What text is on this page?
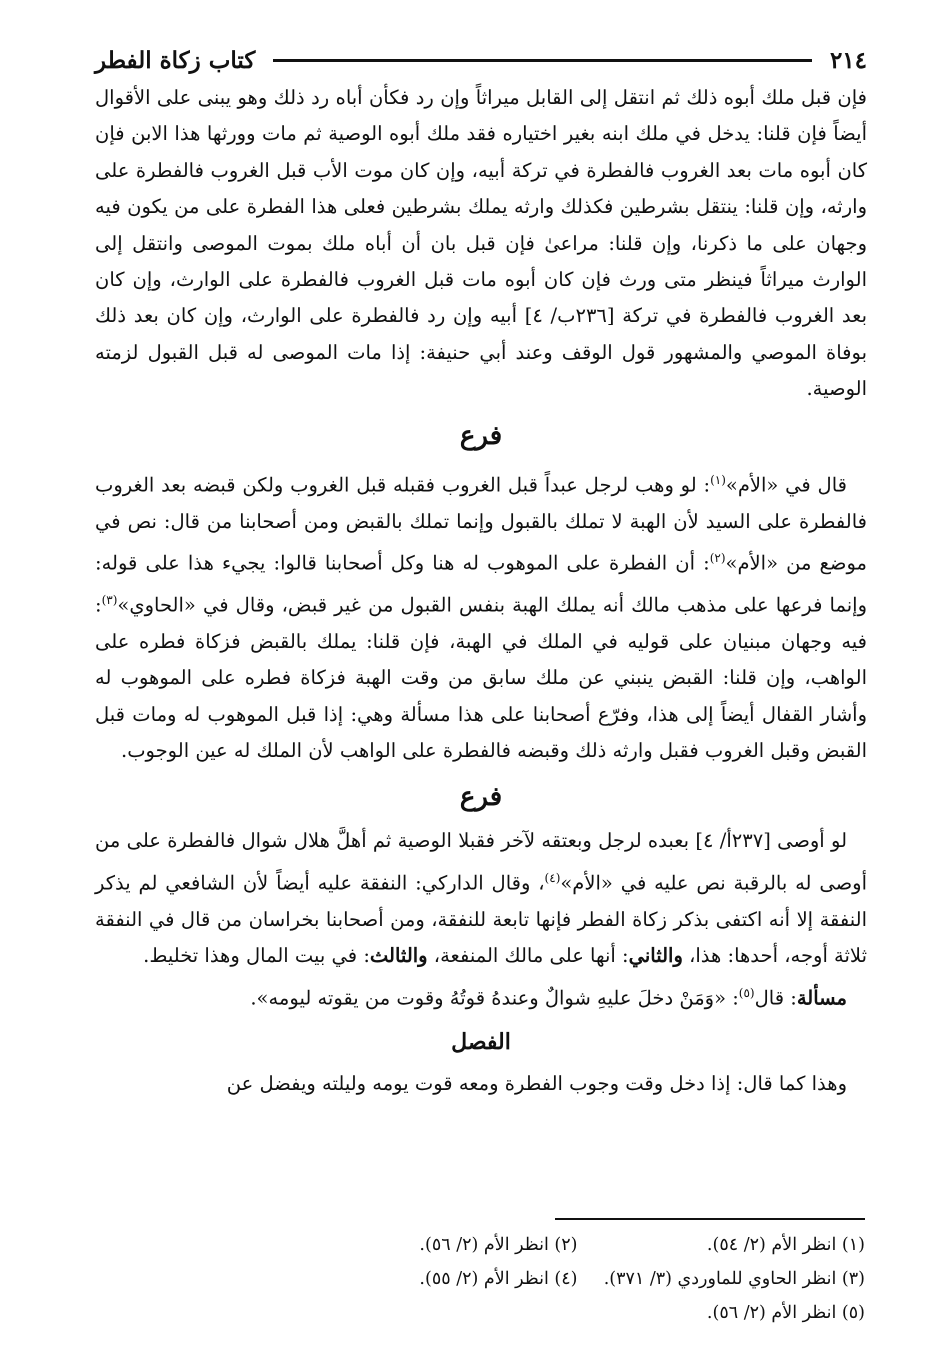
٢١٤
كتاب زكاة الفطر

فإن قبل ملك أبوه ذلك ثم انتقل إلى القابل ميراثاً وإن رد فكأن أباه رد ذلك وهو يبنى على الأقوال أيضاً فإن قلنا: يدخل في ملك ابنه بغير اختياره فقد ملك أبوه الوصية ثم مات وورثها هذا الابن فإن كان أبوه مات بعد الغروب فالفطرة في تركة أبيه، وإن كان موت الأب قبل الغروب فالفطرة على وارثه، وإن قلنا: ينتقل بشرطين فكذلك وارثه يملك بشرطين فعلى هذا الفطرة على من يكون فيه وجهان على ما ذكرنا، وإن قلنا: مراعىٰ فإن قبل بان أن أباه ملك بموت الموصى وانتقل إلى الوارث ميراثاً فينظر متى ورث فإن كان أبوه مات قبل الغروب فالفطرة على الوارث، وإن كان بعد الغروب فالفطرة في تركة [٢٣٦ب/ ٤] أبيه وإن رد فالفطرة على الوارث، وإن كان بعد ذلك بوفاة الموصي والمشهور قول الوقف وعند أبي حنيفة: إذا مات الموصى له قبل القبول لزمته الوصية.

فرع

قال في «الأم»$^{(١)}$: لو وهب لرجل عبداً قبل الغروب فقبله قبل الغروب ولكن قبضه بعد الغروب فالفطرة على السيد لأن الهبة لا تملك بالقبول وإنما تملك بالقبض ومن أصحابنا من قال: نص في موضع من «الأم»$^{(٢)}$: أن الفطرة على الموهوب له هنا وكل أصحابنا قالوا: يجيء هذا على قوله: وإنما فرعها على مذهب مالك أنه يملك الهبة بنفس القبول من غير قبض، وقال في «الحاوي»$^{(٣)}$: فيه وجهان مبنيان على قوليه في الملك في الهبة، فإن قلنا: يملك بالقبض فزكاة فطره على الواهب، وإن قلنا: القبض ينبني عن ملك سابق من وقت الهبة فزكاة فطره على الموهوب له وأشار القفال أيضاً إلى هذا، وفرّع أصحابنا على هذا مسألة وهي: إذا قبل الموهوب له ومات قبل القبض وقبل الغروب فقبل وارثه ذلك وقبضه فالفطرة على الواهب لأن الملك له عين الوجوب.

فرع

لو أوصى [٢٣٧أ/ ٤] بعبده لرجل وبعتقه لآخر فقبلا الوصية ثم أهلَّ هلال شوال فالفطرة على من أوصى له بالرقبة نص عليه في «الأم»$^{(٤)}$، وقال الداركي: النفقة عليه أيضاً لأن الشافعي لم يذكر النفقة إلا أنه اكتفى بذكر زكاة الفطر فإنها تابعة للنفقة، ومن أصحابنا بخراسان من قال في النفقة ثلاثة أوجه، أحدها: هذا، والثاني: أنها على مالك المنفعة، والثالث: في بيت المال وهذا تخليط.

مسألة: قال$^{(٥)}$: «وَمَنْ دخلَ عليهِ شوالٌ وعندهُ قوتُهُ وقوت من يقوته ليومه».

الفصل

وهذا كما قال: إذا دخل وقت وجوب الفطرة ومعه قوت يومه وليلته ويفضل عن

(١) انظر الأم (٢/ ٥٤).
(٢) انظر الأم (٢/ ٥٦).
(٣) انظر الحاوي للماوردي (٣/ ٣٧١).
(٤) انظر الأم (٢/ ٥٥).
(٥) انظر الأم (٢/ ٥٦).
